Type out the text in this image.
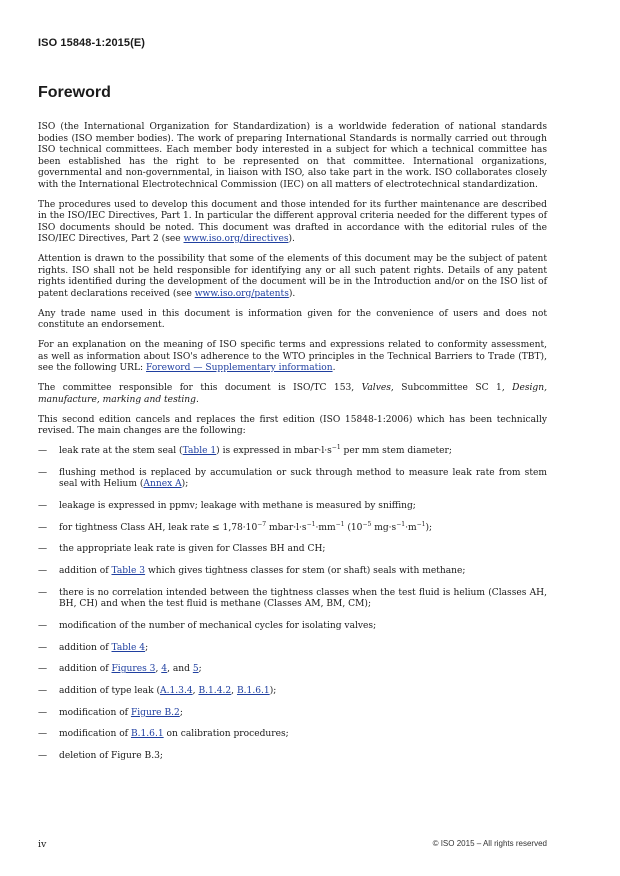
ISO 15848-1:2015(E)
Foreword

ISO (the International Organization for Standardization) is a worldwide federation of national standards bodies (ISO member bodies). The work of preparing International Standards is normally carried out through ISO technical committees. Each member body interested in a subject for which a technical committee has been established has the right to be represented on that committee. International organizations, governmental and non-governmental, in liaison with ISO, also take part in the work. ISO collaborates closely with the International Electrotechnical Commission (IEC) on all matters of electrotechnical standardization.

The procedures used to develop this document and those intended for its further maintenance are described in the ISO/IEC Directives, Part 1. In particular the different approval criteria needed for the different types of ISO documents should be noted. This document was drafted in accordance with the editorial rules of the ISO/IEC Directives, Part 2 (see www.iso.org/directives).

Attention is drawn to the possibility that some of the elements of this document may be the subject of patent rights. ISO shall not be held responsible for identifying any or all such patent rights. Details of any patent rights identified during the development of the document will be in the Introduction and/or on the ISO list of patent declarations received (see www.iso.org/patents).

Any trade name used in this document is information given for the convenience of users and does not constitute an endorsement.

For an explanation on the meaning of ISO specific terms and expressions related to conformity assessment, as well as information about ISO's adherence to the WTO principles in the Technical Barriers to Trade (TBT), see the following URL: Foreword — Supplementary information.

The committee responsible for this document is ISO/TC 153, Valves, Subcommittee SC 1, Design, manufacture, marking and testing.

This second edition cancels and replaces the first edition (ISO 15848-1:2006) which has been technically revised. The main changes are the following:

— leak rate at the stem seal (Table 1) is expressed in $mbar\cdot l\cdot s^{-1}$ per mm stem diameter;
— flushing method is replaced by accumulation or suck through method to measure leak rate from stem seal with Helium (Annex A);
— leakage is expressed in ppmv; leakage with methane is measured by sniffing;
— for tightness Class AH, leak rate ≤ $1,78\cdot 10^{-7}$ $mbar\cdot l\cdot s^{-1}\cdot mm^{-1}$ ($10^{-5}$ $mg\cdot s^{-1}\cdot m^{-1}$);
— the appropriate leak rate is given for Classes BH and CH;
— addition of Table 3 which gives tightness classes for stem (or shaft) seals with methane;
— there is no correlation intended between the tightness classes when the test fluid is helium (Classes AH, BH, CH) and when the test fluid is methane (Classes AM, BM, CM);
— modification of the number of mechanical cycles for isolating valves;
— addition of Table 4;
— addition of Figures 3, 4, and 5;
— addition of type leak (A.1.3.4, B.1.4.2, B.1.6.1);
— modification of Figure B.2;
— modification of B.1.6.1 on calibration procedures;
— deletion of Figure B.3;
iv	© ISO 2015 – All rights reserved
